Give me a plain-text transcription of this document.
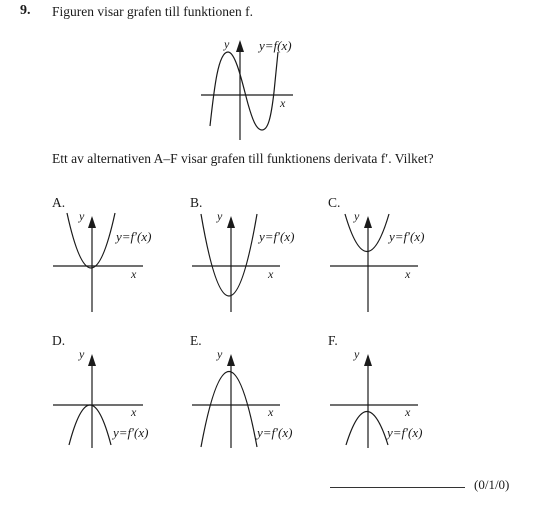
9. Figuren visar grafen till funktionen f.
y
x
y=f(x)
Ett av alternativen A–F visar grafen till funktionens derivata f′. Vilket?
A.
y
x
y=f′(x)
B.
y
x
y=f′(x)
C.
y
x
y=f′(x)
D.
y
x
y=f′(x)
E.
y
x
y=f′(x)
F.
y
x
y=f′(x)
(0/1/0)
